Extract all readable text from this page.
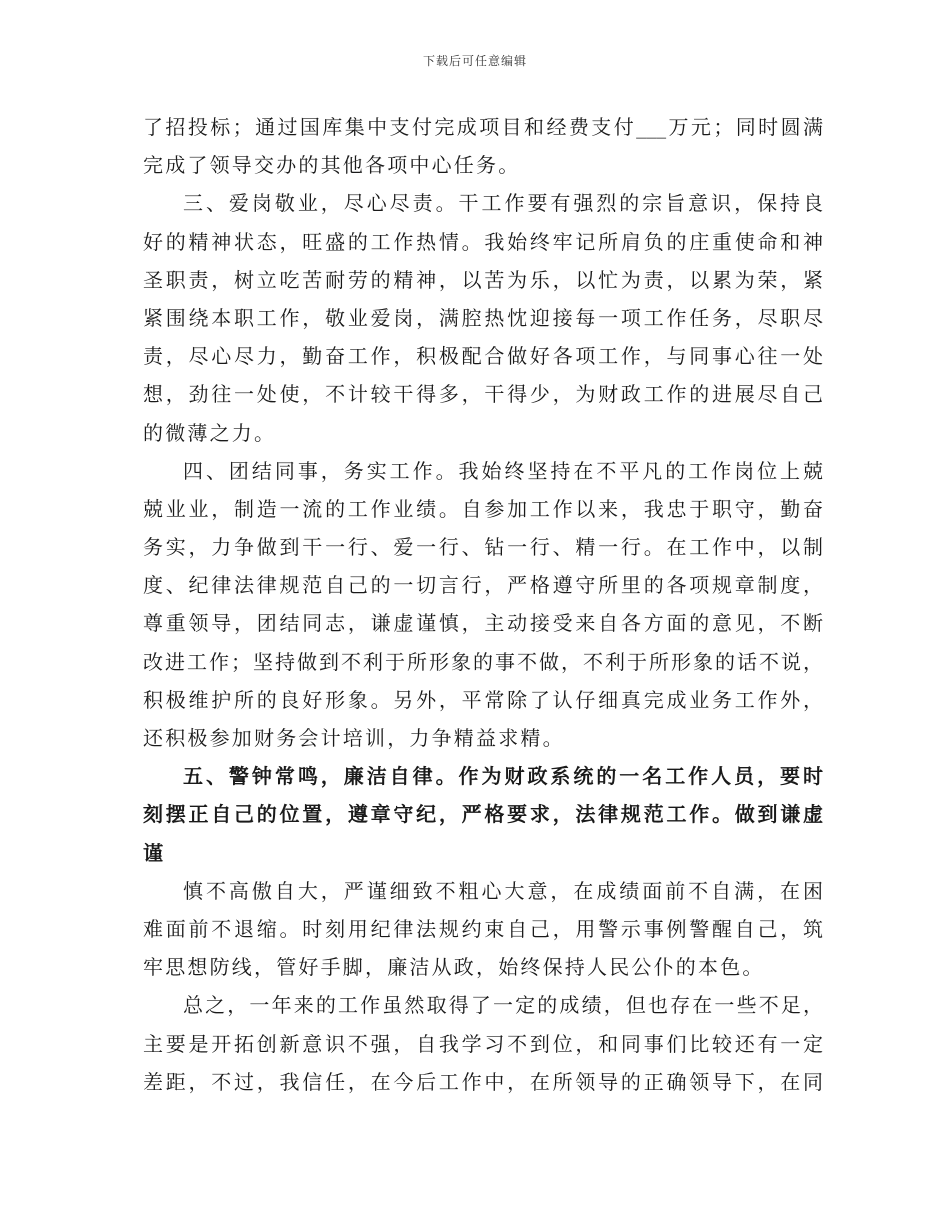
下载后可任意编辑
了招投标；通过国库集中支付完成项目和经费支付___万元；同时圆满
完成了领导交办的其他各项中心任务。
三、爱岗敬业，尽心尽责。干工作要有强烈的宗旨意识，保持良
好的精神状态，旺盛的工作热情。我始终牢记所肩负的庄重使命和神
圣职责，树立吃苦耐劳的精神，以苦为乐，以忙为责，以累为荣，紧
紧围绕本职工作，敬业爱岗，满腔热忱迎接每一项工作任务，尽职尽
责，尽心尽力，勤奋工作，积极配合做好各项工作，与同事心往一处
想，劲往一处使，不计较干得多，干得少，为财政工作的进展尽自己
的微薄之力。
四、团结同事，务实工作。我始终坚持在不平凡的工作岗位上兢
兢业业，制造一流的工作业绩。自参加工作以来，我忠于职守，勤奋
务实，力争做到干一行、爱一行、钻一行、精一行。在工作中，以制
度、纪律法律规范自己的一切言行，严格遵守所里的各项规章制度，
尊重领导，团结同志，谦虚谨慎，主动接受来自各方面的意见，不断
改进工作；坚持做到不利于所形象的事不做，不利于所形象的话不说，
积极维护所的良好形象。另外，平常除了认仔细真完成业务工作外，
还积极参加财务会计培训，力争精益求精。
五、警钟常鸣，廉洁自律。作为财政系统的一名工作人员，要时
刻摆正自己的位置，遵章守纪，严格要求，法律规范工作。做到谦虚
谨
慎不高傲自大，严谨细致不粗心大意，在成绩面前不自满，在困
难面前不退缩。时刻用纪律法规约束自己，用警示事例警醒自己，筑
牢思想防线，管好手脚，廉洁从政，始终保持人民公仆的本色。
总之，一年来的工作虽然取得了一定的成绩，但也存在一些不足，
主要是开拓创新意识不强，自我学习不到位，和同事们比较还有一定
差距，不过，我信任，在今后工作中，在所领导的正确领导下，在同
